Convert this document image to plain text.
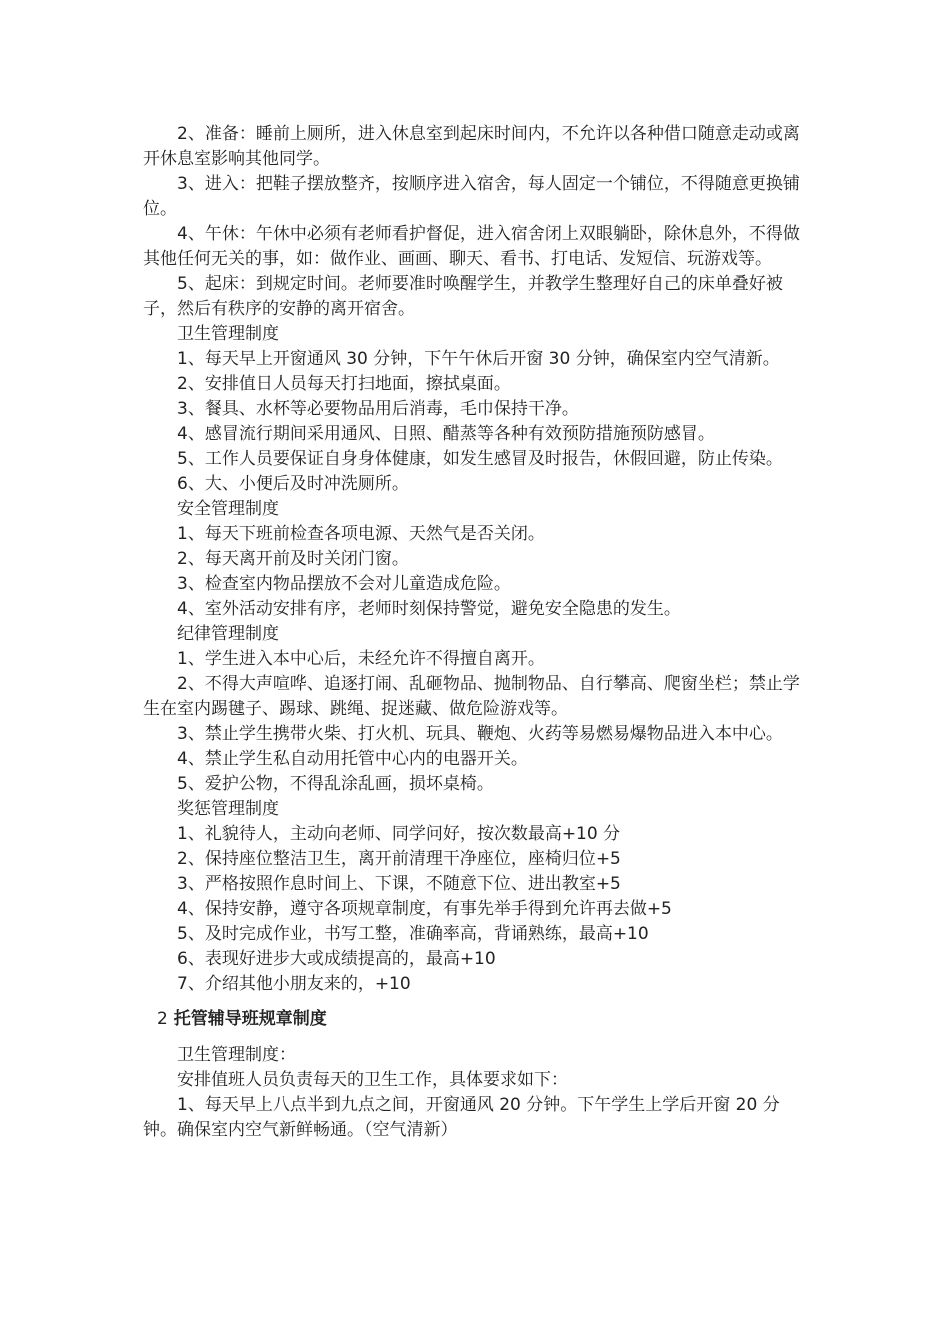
2、准备：睡前上厕所，进入休息室到起床时间内，不允许以各种借口随意走动或离开休息室影响其他同学。

3、进入：把鞋子摆放整齐，按顺序进入宿舍，每人固定一个铺位，不得随意更换铺位。

4、午休：午休中必须有老师看护督促，进入宿舍闭上双眼躺卧，除休息外，不得做其他任何无关的事，如：做作业、画画、聊天、看书、打电话、发短信、玩游戏等。

5、起床：到规定时间。老师要准时唤醒学生，并教学生整理好自己的床单叠好被子，然后有秩序的安静的离开宿舍。

卫生管理制度

1、每天早上开窗通风 30 分钟，下午午休后开窗 30 分钟，确保室内空气清新。

2、安排值日人员每天打扫地面，擦拭桌面。

3、餐具、水杯等必要物品用后消毒，毛巾保持干净。

4、感冒流行期间采用通风、日照、醋蒸等各种有效预防措施预防感冒。

5、工作人员要保证自身身体健康，如发生感冒及时报告，休假回避，防止传染。

6、大、小便后及时冲洗厕所。

安全管理制度

1、每天下班前检查各项电源、天然气是否关闭。

2、每天离开前及时关闭门窗。

3、检查室内物品摆放不会对儿童造成危险。

4、室外活动安排有序，老师时刻保持警觉，避免安全隐患的发生。

纪律管理制度

1、学生进入本中心后，未经允许不得擅自离开。

2、不得大声喧哗、追逐打闹、乱砸物品、抛制物品、自行攀高、爬窗坐栏；禁止学生在室内踢毽子、踢球、跳绳、捉迷藏、做危险游戏等。

3、禁止学生携带火柴、打火机、玩具、鞭炮、火药等易燃易爆物品进入本中心。

4、禁止学生私自动用托管中心内的电器开关。

5、爱护公物，不得乱涂乱画，损坏桌椅。

奖惩管理制度

1、礼貌待人，主动向老师、同学问好，按次数最高+10 分

2、保持座位整洁卫生，离开前清理干净座位，座椅归位+5

3、严格按照作息时间上、下课，不随意下位、进出教室+5

4、保持安静，遵守各项规章制度，有事先举手得到允许再去做+5

5、及时完成作业，书写工整，准确率高，背诵熟练，最高+10

6、表现好进步大或成绩提高的，最高+10

7、介绍其他小朋友来的，+10

2 托管辅导班规章制度

卫生管理制度：

安排值班人员负责每天的卫生工作，具体要求如下：

1、每天早上八点半到九点之间，开窗通风 20 分钟。下午学生上学后开窗 20 分钟。确保室内空气新鲜畅通。（空气清新）
